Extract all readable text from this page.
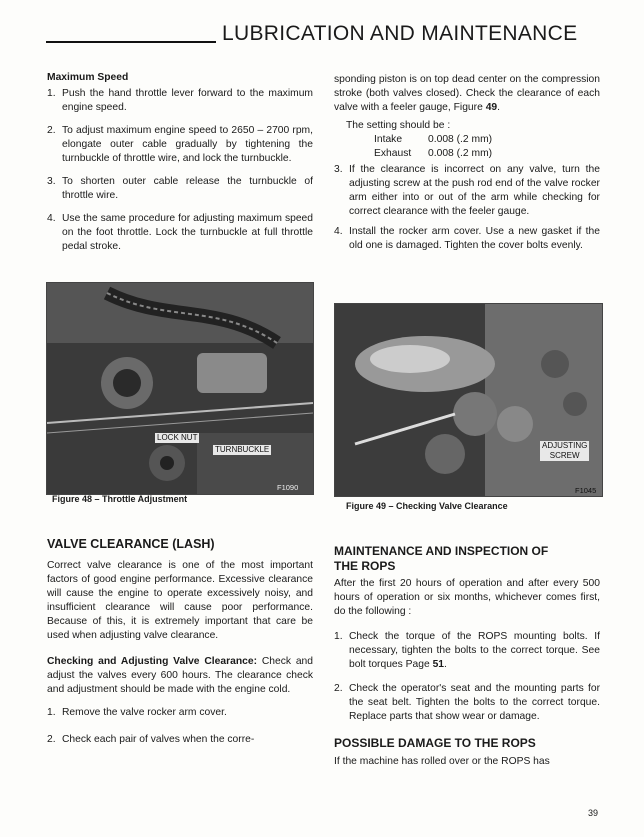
LUBRICATION AND MAINTENANCE
Maximum Speed
1. Push the hand throttle lever forward to the maximum engine speed.
2. To adjust maximum engine speed to 2650 – 2700 rpm, elongate outer cable gradually by tightening the turnbuckle of throttle wire, and lock the turnbuckle.
3. To shorten outer cable release the turnbuckle of throttle wire.
4. Use the same procedure for adjusting maximum speed on the foot throttle. Lock the turnbuckle at full throttle pedal stroke.
LOCK NUT
TURNBUCKLE
F1090
Figure 48 – Throttle Adjustment
VALVE CLEARANCE (LASH)

Correct valve clearance is one of the most important factors of good engine performance. Excessive clearance will cause the engine to operate excessively noisy, and insufficient clearance will cause poor performance. Because of this, it is extremely important that care be used when adjusting valve clearance.

Checking and Adjusting Valve Clearance: Check and adjust the valves every 600 hours. The clearance check and adjustment should be made with the engine cold.

1. Remove the valve rocker arm cover.
2. Check each pair of valves when the corre-

sponding piston is on top dead center on the compression stroke (both valves closed). Check the clearance of each valve with a feeler gauge, Figure 49.

The setting should be :

Intake	0.008 (.2 mm)
Exhaust 0.008 (.2 mm)
3. If the clearance is incorrect on any valve, turn the adjusting screw at the push rod end of the valve rocker arm either into or out of the arm while checking for correct clearance with the feeler gauge.
4. Install the rocker arm cover. Use a new gasket if the old one is damaged. Tighten the cover bolts evenly.
ADJUSTING
SCREW
F1045
Figure 49 – Checking Valve Clearance
MAINTENANCE AND INSPECTION OF THE ROPS

After the first 20 hours of operation and after every 500 hours of operation or six months, whichever comes first, do the following :

1. Check the torque of the ROPS mounting bolts. If necessary, tighten the bolts to the correct torque. See bolt torques Page 51.
2. Check the operator's seat and the mounting parts for the seat belt. Tighten the bolts to the correct torque. Replace parts that show wear or damage.
POSSIBLE DAMAGE TO THE ROPS

If the machine has rolled over or the ROPS has

39
